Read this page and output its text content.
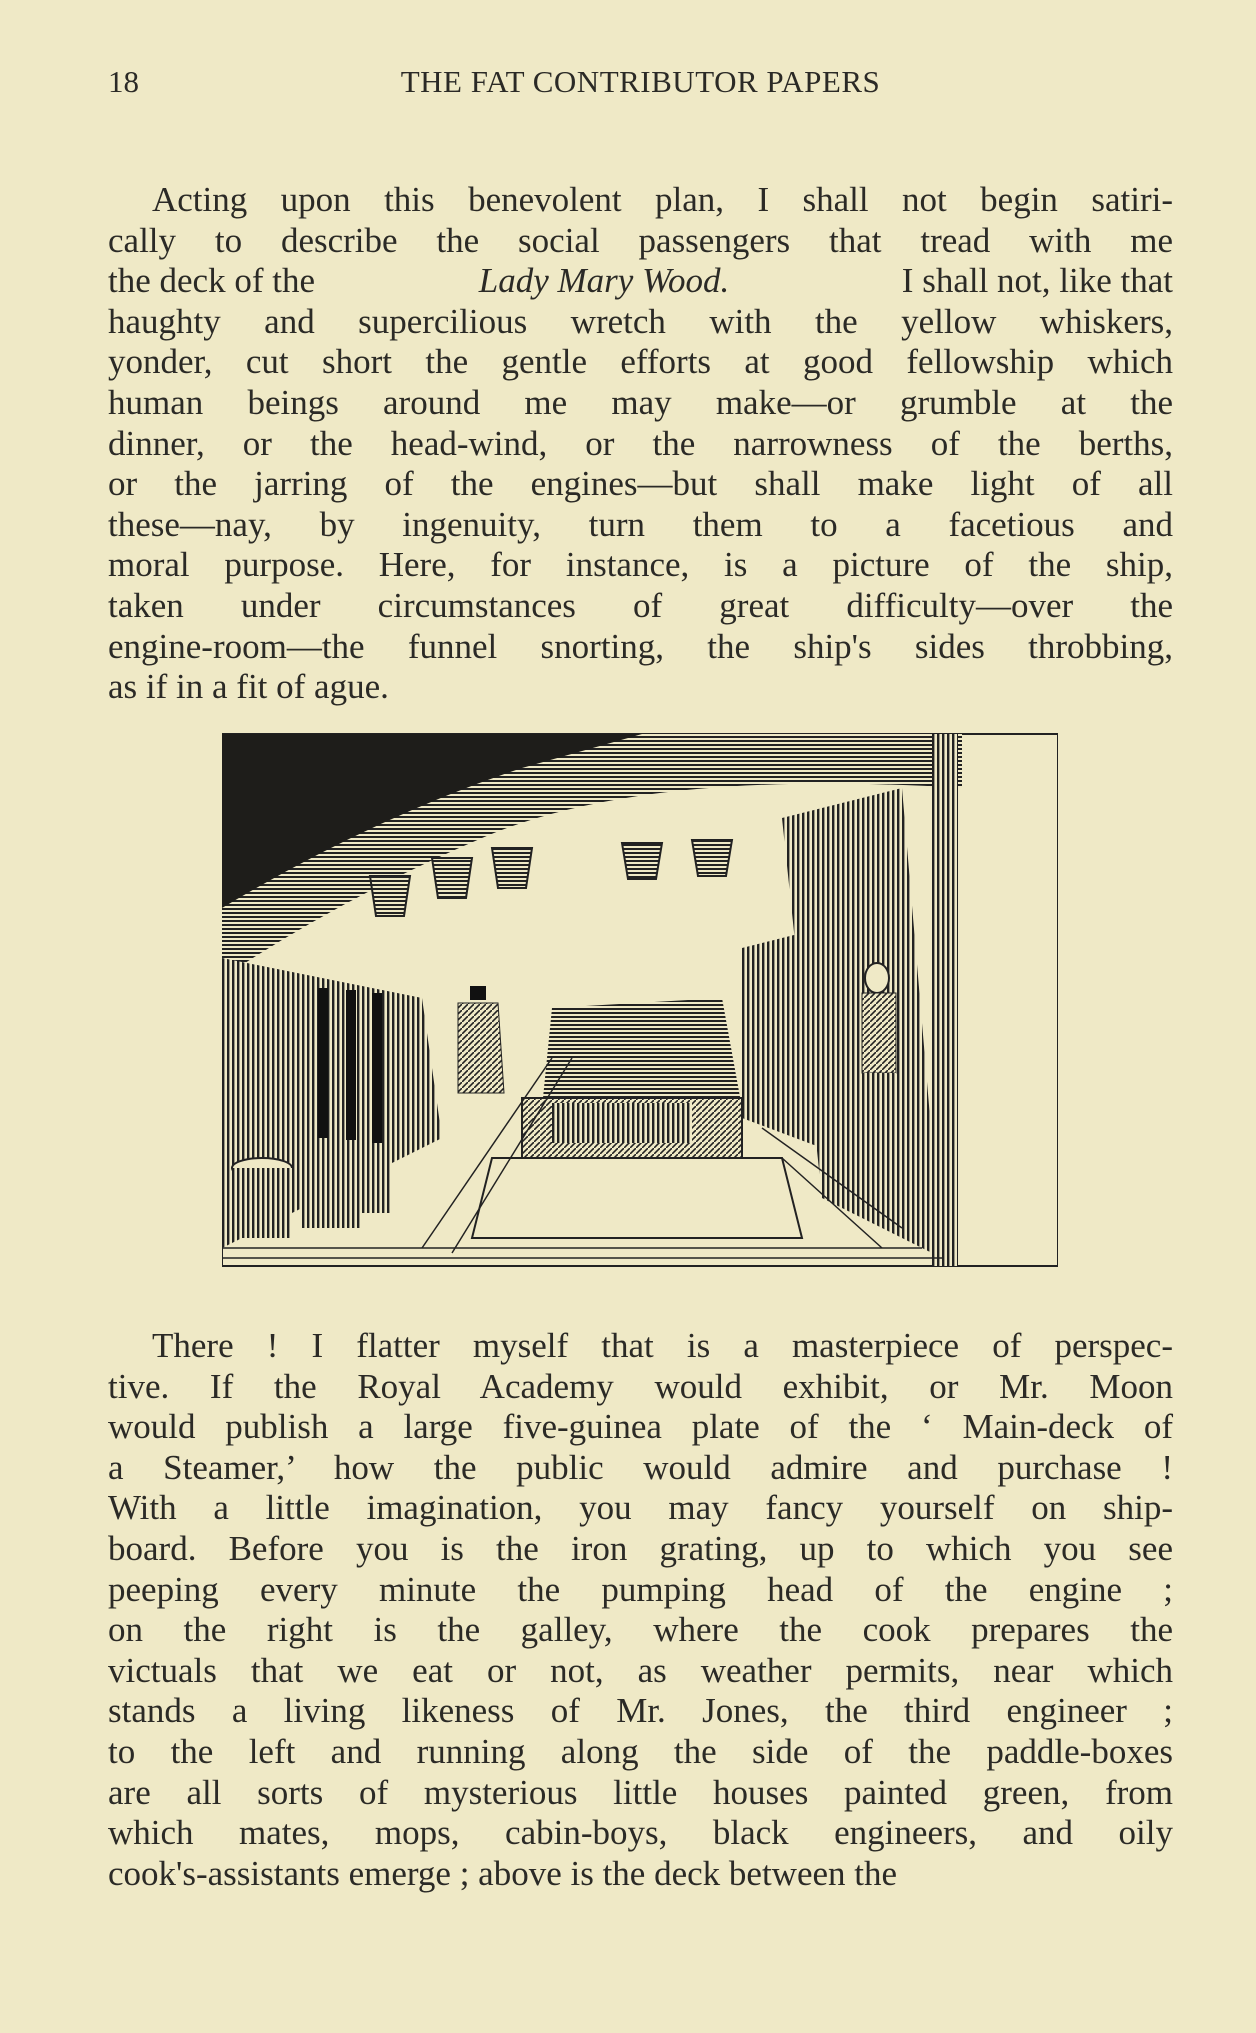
18	THE FAT CONTRIBUTOR PAPERS
Acting upon this benevolent plan, I shall not begin satiri-
cally to describe the social passengers that tread with me
the deck of the	Lady Mary Wood.	I shall not, like that
haughty and supercilious wretch with the yellow whiskers,
yonder, cut short the gentle efforts at good fellowship which
human beings around me may make—or grumble at the
dinner, or the head-wind, or the narrowness of the berths,
or the jarring of the engines—but shall make light of all
these—nay, by ingenuity, turn them to a facetious and
moral purpose. Here, for instance, is a picture of the ship,
taken under circumstances of great difficulty—over the
engine-room—the funnel snorting, the ship's sides throbbing,
as if in a fit of ague.
There ! I flatter myself that is a masterpiece of perspec-
tive. If the Royal Academy would exhibit, or Mr. Moon
would publish a large five-guinea plate of the ‘ Main-deck of
a Steamer,’ how the public would admire and purchase !
With a little imagination, you may fancy yourself on ship-
board. Before you is the iron grating, up to which you see
peeping every minute the pumping head of the engine ;
on the right is the galley, where the cook prepares the
victuals that we eat or not, as weather permits, near which
stands a living likeness of Mr. Jones, the third engineer ;
to the left and running along the side of the paddle-boxes
are all sorts of mysterious little houses painted green, from
which mates, mops, cabin-boys, black engineers, and oily
cook's-assistants emerge ; above is the deck between the
